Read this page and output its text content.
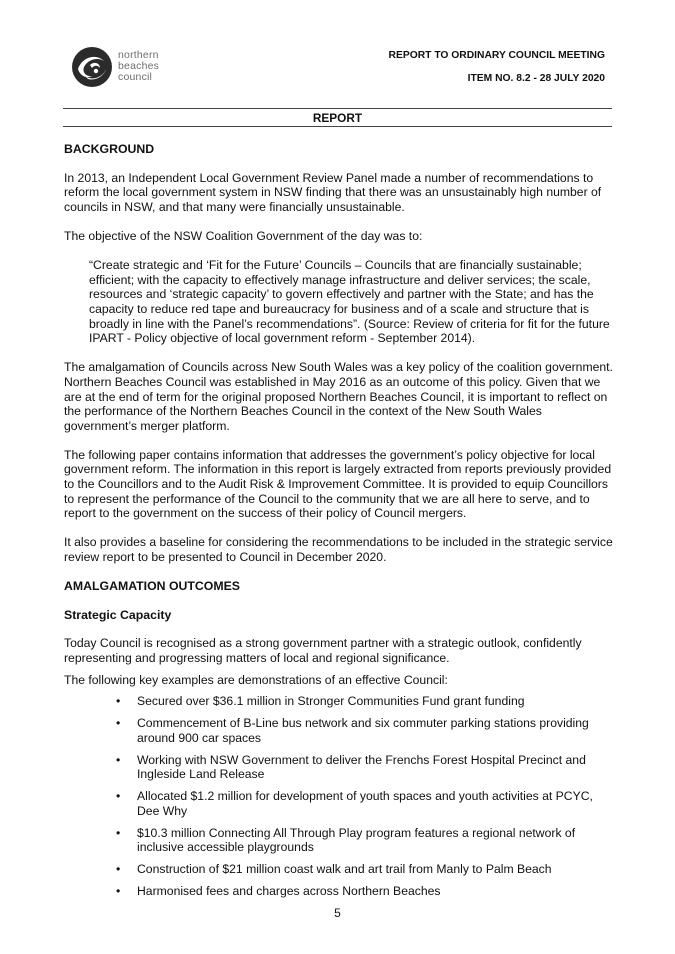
northern
beaches
council
REPORT TO ORDINARY COUNCIL MEETING
ITEM NO. 8.2 - 28 JULY 2020
REPORT
BACKGROUND

In 2013, an Independent Local Government Review Panel made a number of recommendations to reform the local government system in NSW finding that there was an unsustainably high number of councils in NSW, and that many were financially unsustainable.

The objective of the NSW Coalition Government of the day was to:

“Create strategic and ‘Fit for the Future’ Councils – Councils that are financially sustainable; efficient; with the capacity to effectively manage infrastructure and deliver services; the scale, resources and ‘strategic capacity’ to govern effectively and partner with the State; and has the capacity to reduce red tape and bureaucracy for business and of a scale and structure that is broadly in line with the Panel’s recommendations”. (Source: Review of criteria for fit for the future IPART - Policy objective of local government reform - September 2014).

The amalgamation of Councils across New South Wales was a key policy of the coalition government. Northern Beaches Council was established in May 2016 as an outcome of this policy. Given that we are at the end of term for the original proposed Northern Beaches Council, it is important to reflect on the performance of the Northern Beaches Council in the context of the New South Wales government’s merger platform.

The following paper contains information that addresses the government’s policy objective for local government reform. The information in this report is largely extracted from reports previously provided to the Councillors and to the Audit Risk & Improvement Committee. It is provided to equip Councillors to represent the performance of the Council to the community that we are all here to serve, and to report to the government on the success of their policy of Council mergers.

It also provides a baseline for considering the recommendations to be included in the strategic service review report to be presented to Council in December 2020.

AMALGAMATION OUTCOMES
Strategic Capacity

Today Council is recognised as a strong government partner with a strategic outlook, confidently representing and progressing matters of local and regional significance.

The following key examples are demonstrations of an effective Council:

• Secured over $36.1 million in Stronger Communities Fund grant funding
• Commencement of B-Line bus network and six commuter parking stations providing around 900 car spaces
• Working with NSW Government to deliver the Frenchs Forest Hospital Precinct and Ingleside Land Release
• Allocated $1.2 million for development of youth spaces and youth activities at PCYC, Dee Why
• $10.3 million Connecting All Through Play program features a regional network of inclusive accessible playgrounds
• Construction of $21 million coast walk and art trail from Manly to Palm Beach
• Harmonised fees and charges across Northern Beaches
5
